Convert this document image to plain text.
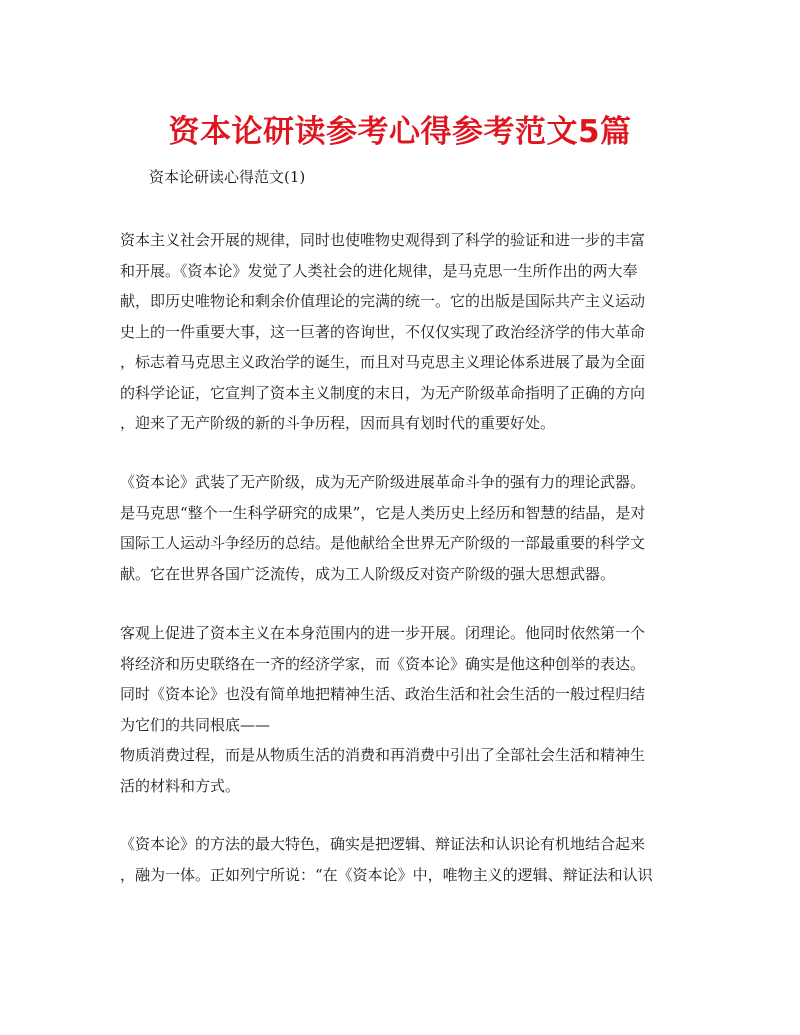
资本论研读参考心得参考范文5篇
资本论研读心得范文(1)
资本主义社会开展的规律，同时也使唯物史观得到了科学的验证和进一步的丰富
和开展。《资本论》发觉了人类社会的进化规律，是马克思一生所作出的两大奉
献，即历史唯物论和剩余价值理论的完满的统一。它的出版是国际共产主义运动
史上的一件重要大事，这一巨著的咨询世，不仅仅实现了政治经济学的伟大革命
，标志着马克思主义政治学的诞生，而且对马克思主义理论体系进展了最为全面
的科学论证，它宣判了资本主义制度的末日，为无产阶级革命指明了正确的方向
，迎来了无产阶级的新的斗争历程，因而具有划时代的重要好处。
《资本论》武装了无产阶级，成为无产阶级进展革命斗争的强有力的理论武器。
是马克思“整个一生科学研究的成果”，它是人类历史上经历和智慧的结晶，是对
国际工人运动斗争经历的总结。是他献给全世界无产阶级的一部最重要的科学文
献。它在世界各国广泛流传，成为工人阶级反对资产阶级的强大思想武器。
客观上促进了资本主义在本身范围内的进一步开展。闭理论。他同时依然第一个
将经济和历史联络在一齐的经济学家，而《资本论》确实是他这种创举的表达。
同时《资本论》也没有简单地把精神生活、政治生活和社会生活的一般过程归结
为它们的共同根底——
物质消费过程，而是从物质生活的消费和再消费中引出了全部社会生活和精神生
活的材料和方式。
《资本论》的方法的最大特色，确实是把逻辑、辩证法和认识论有机地结合起来
，融为一体。正如列宁所说：“在《资本论》中，唯物主义的逻辑、辩证法和认识
